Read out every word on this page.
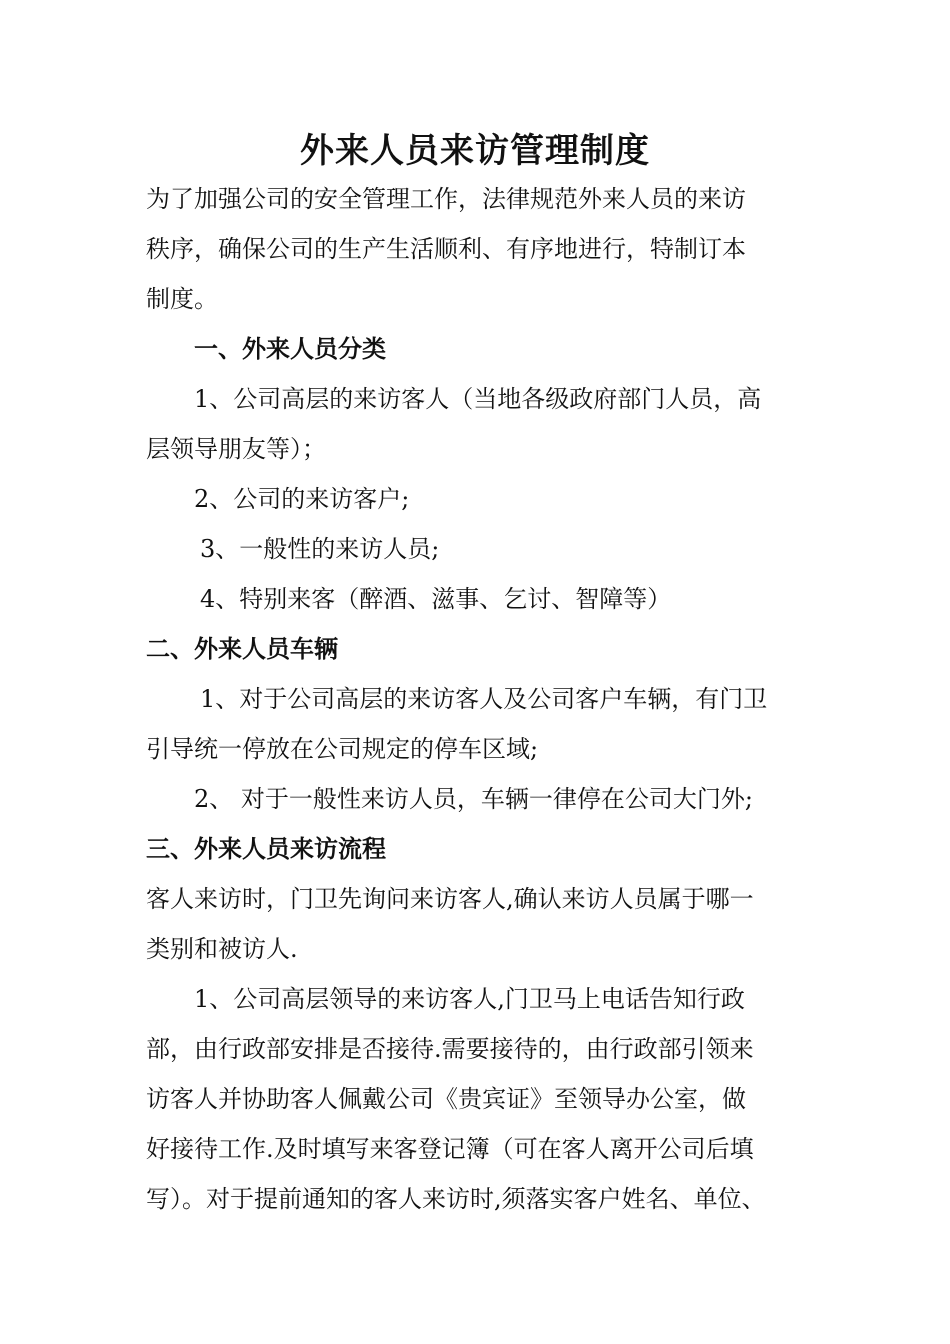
外来人员来访管理制度
为了加强公司的安全管理工作，法律规范外来人员的来访
秩序，确保公司的生产生活顺利、有序地进行，特制订本
制度。
一、外来人员分类
1、公司高层的来访客人（当地各级政府部门人员，高
层领导朋友等）；
2、公司的来访客户;
3、一般性的来访人员;
4、特别来客（醉酒、滋事、乞讨、智障等）
二、外来人员车辆
1、对于公司高层的来访客人及公司客户车辆，有门卫
引导统一停放在公司规定的停车区域;
2、 对于一般性来访人员，车辆一律停在公司大门外;
三、外来人员来访流程
客人来访时，门卫先询问来访客人,确认来访人员属于哪一
类别和被访人.
1、公司高层领导的来访客人,门卫马上电话告知行政
部，由行政部安排是否接待.需要接待的，由行政部引领来
访客人并协助客人佩戴公司《贵宾证》至领导办公室，做
好接待工作.及时填写来客登记簿（可在客人离开公司后填
写）。对于提前通知的客人来访时,须落实客户姓名、单位、
